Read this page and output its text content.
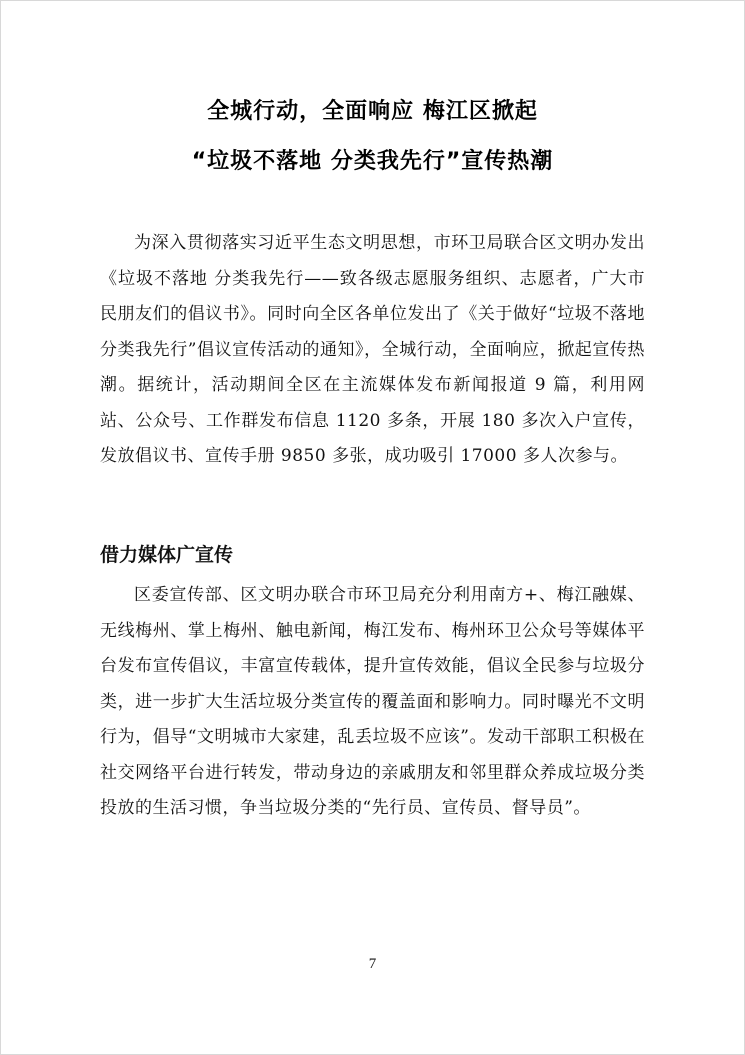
全城行动，全面响应 梅江区掀起
“垃圾不落地 分类我先行”宣传热潮

为深入贯彻落实习近平生态文明思想，市环卫局联合区文明办发出《垃圾不落地 分类我先行——致各级志愿服务组织、志愿者，广大市民朋友们的倡议书》。同时向全区各单位发出了《关于做好“垃圾不落地 分类我先行”倡议宣传活动的通知》，全城行动，全面响应，掀起宣传热潮。据统计，活动期间全区在主流媒体发布新闻报道 9 篇，利用网站、公众号、工作群发布信息 1120 多条，开展 180 多次入户宣传，发放倡议书、宣传手册 9850 多张，成功吸引 17000 多人次参与。

借力媒体广宣传

区委宣传部、区文明办联合市环卫局充分利用南方+、梅江融媒、无线梅州、掌上梅州、触电新闻，梅江发布、梅州环卫公众号等媒体平台发布宣传倡议，丰富宣传载体，提升宣传效能，倡议全民参与垃圾分类，进一步扩大生活垃圾分类宣传的覆盖面和影响力。同时曝光不文明行为，倡导“文明城市大家建，乱丢垃圾不应该”。发动干部职工积极在社交网络平台进行转发，带动身边的亲戚朋友和邻里群众养成垃圾分类投放的生活习惯，争当垃圾分类的“先行员、宣传员、督导员”。

7
